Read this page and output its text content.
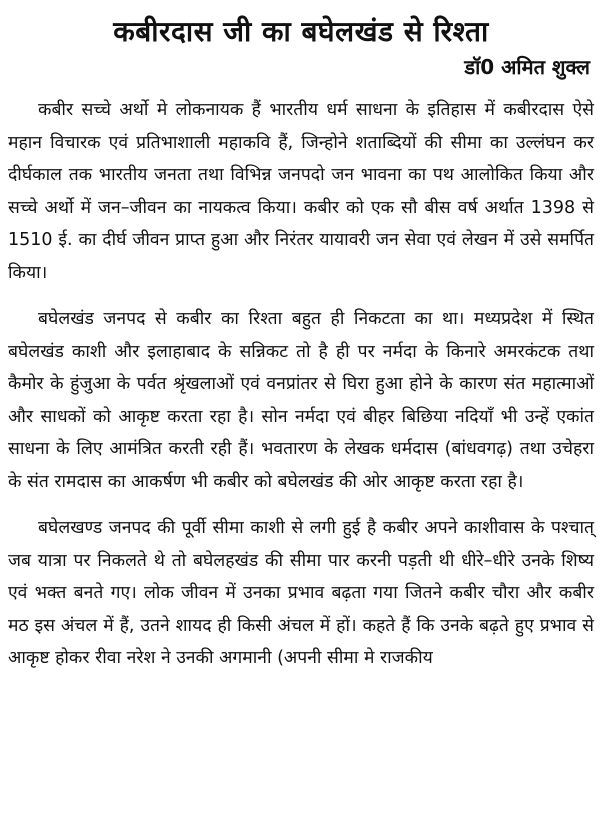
कबीरदास जी का बघेलखंड से रिश्ता
डॉ0 अमित शुक्ल

कबीर सच्चे अर्थो मे लोकनायक हैं भारतीय धर्म साधना के इतिहास में कबीरदास ऐसे महान विचारक एवं प्रतिभाशाली महाकवि हैं, जिन्होने शताब्दियों की सीमा का उल्लंघन कर दीर्घकाल तक भारतीय जनता तथा विभिन्न जनपदो जन भावना का पथ आलोकित किया और सच्चे अर्थो में जन–जीवन का नायकत्व किया। कबीर को एक सौ बीस वर्ष अर्थात 1398 से 1510 ई. का दीर्घ जीवन प्राप्त हुआ और निरंतर यायावरी जन सेवा एवं लेखन में उसे समर्पित किया।

बघेलखंड जनपद से कबीर का रिश्ता बहुत ही निकटता का था। मध्यप्रदेश में स्थित बघेलखंड काशी और इलाहाबाद के सन्निकट तो है ही पर नर्मदा के किनारे अमरकंटक तथा कैमोर के हुंजुआ के पर्वत श्रृंखलाओं एवं वनप्रांतर से घिरा हुआ होने के कारण संत महात्माओं और साधकों को आकृष्ट करता रहा है। सोन नर्मदा एवं बीहर बिछिया नदियाँ भी उन्हें एकांत साधना के लिए आमंत्रित करती रही हैं। भवतारण के लेखक धर्मदास (बांधवगढ़) तथा उचेहरा के संत रामदास का आकर्षण भी कबीर को बघेलखंड की ओर आकृष्ट करता रहा है।

बघेलखण्ड जनपद की पूर्वी सीमा काशी से लगी हुई है कबीर अपने काशीवास के पश्चात् जब यात्रा पर निकलते थे तो बघेलहखंड की सीमा पार करनी पड़ती थी धीरे–धीरे उनके शिष्य एवं भक्त बनते गए। लोक जीवन में उनका प्रभाव बढ़ता गया जितने कबीर चौरा और कबीर मठ इस अंचल में हैं, उतने शायद ही किसी अंचल में हों। कहते हैं कि उनके बढ़ते हुए प्रभाव से आकृष्ट होकर रीवा नरेश ने उनकी अगमानी (अपनी सीमा मे राजकीय
